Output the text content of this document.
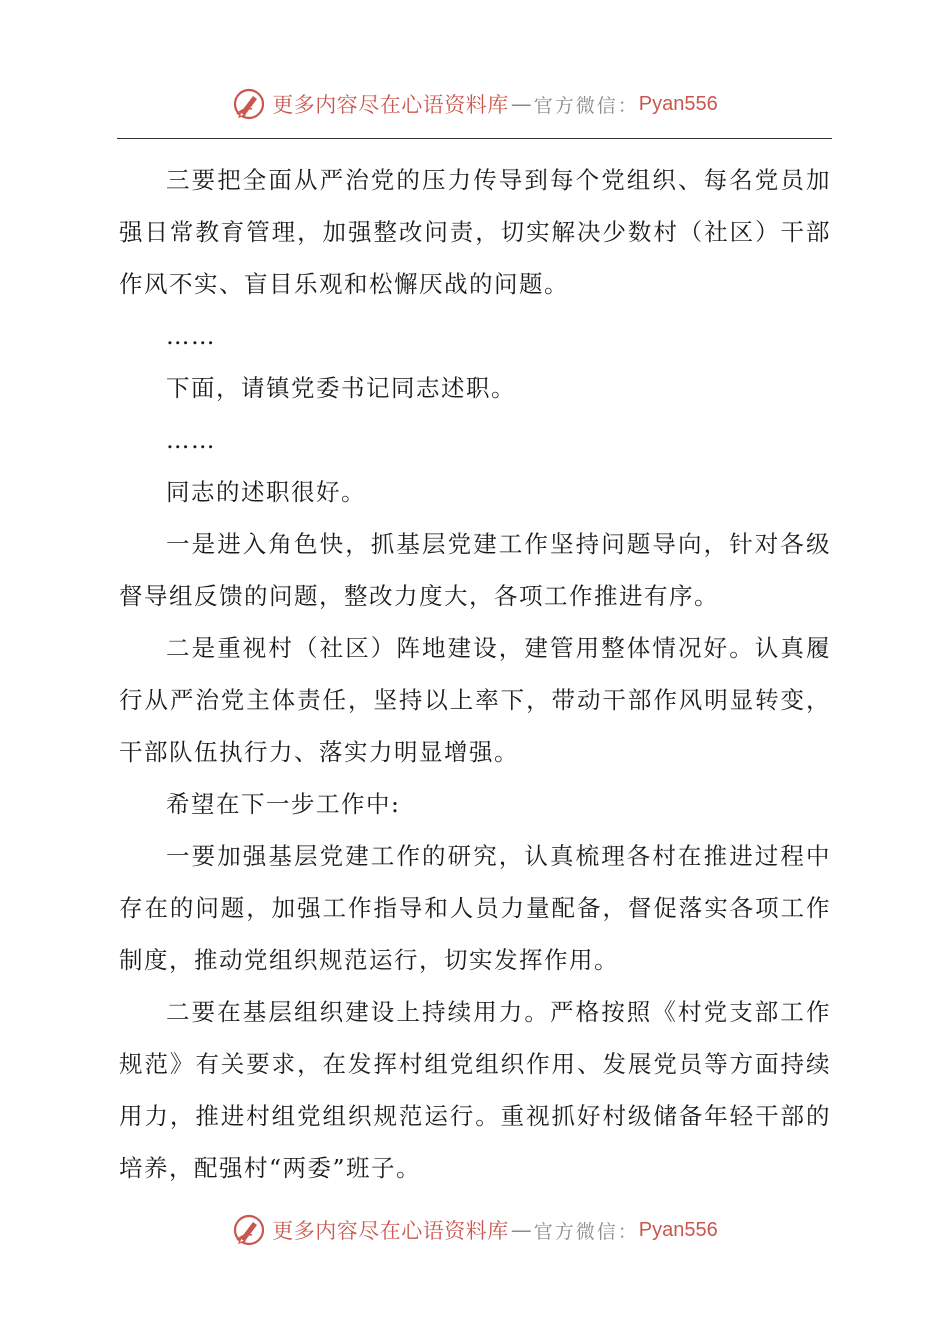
更多内容尽在心语资料库 — 官方微信： Pyan556

三要把全面从严治党的压力传导到每个党组织、每名党员加强日常教育管理，加强整改问责，切实解决少数村（社区）干部作风不实、盲目乐观和松懈厌战的问题。

……

下面，请镇党委书记同志述职。

……

同志的述职很好。

一是进入角色快，抓基层党建工作坚持问题导向，针对各级督导组反馈的问题，整改力度大，各项工作推进有序。

二是重视村（社区）阵地建设，建管用整体情况好。认真履行从严治党主体责任，坚持以上率下，带动干部作风明显转变，干部队伍执行力、落实力明显增强。

希望在下一步工作中:

一要加强基层党建工作的研究，认真梳理各村在推进过程中存在的问题，加强工作指导和人员力量配备，督促落实各项工作制度，推动党组织规范运行，切实发挥作用。

二要在基层组织建设上持续用力。严格按照《村党支部工作规范》有关要求，在发挥村组党组织作用、发展党员等方面持续用力，推进村组党组织规范运行。重视抓好村级储备年轻干部的培养，配强村“两委”班子。

更多内容尽在心语资料库 — 官方微信： Pyan556
